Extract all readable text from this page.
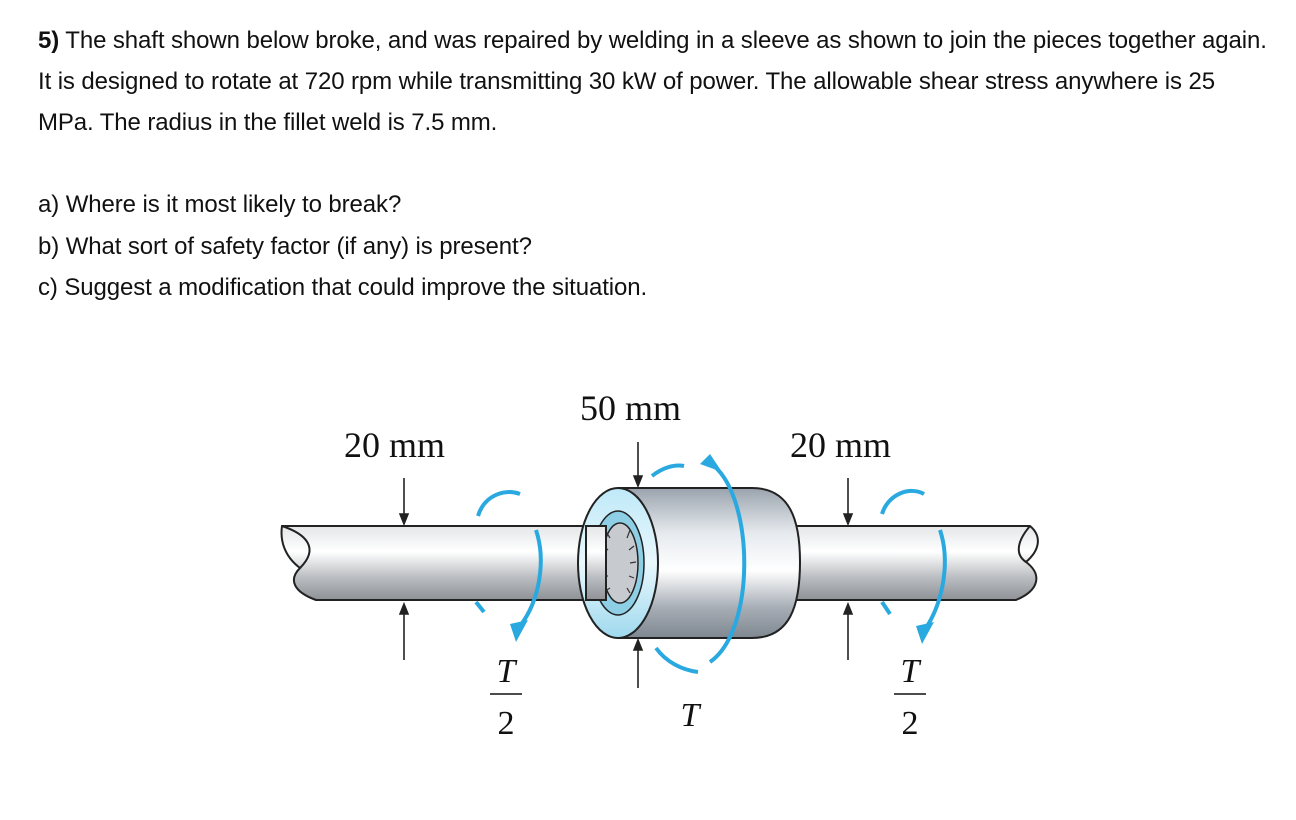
5) The shaft shown below broke, and was repaired by welding in a sleeve as shown to join the pieces together again. It is designed to rotate at 720 rpm while transmitting 30 kW of power. The allowable shear stress anywhere is 25 MPa. The radius in the fillet weld is 7.5 mm.

a) Where is it most likely to break?

b) What sort of safety factor (if any) is present?

c) Suggest a modification that could improve the situation.

20 mm
50 mm
20 mm
T
2	T
T
2
